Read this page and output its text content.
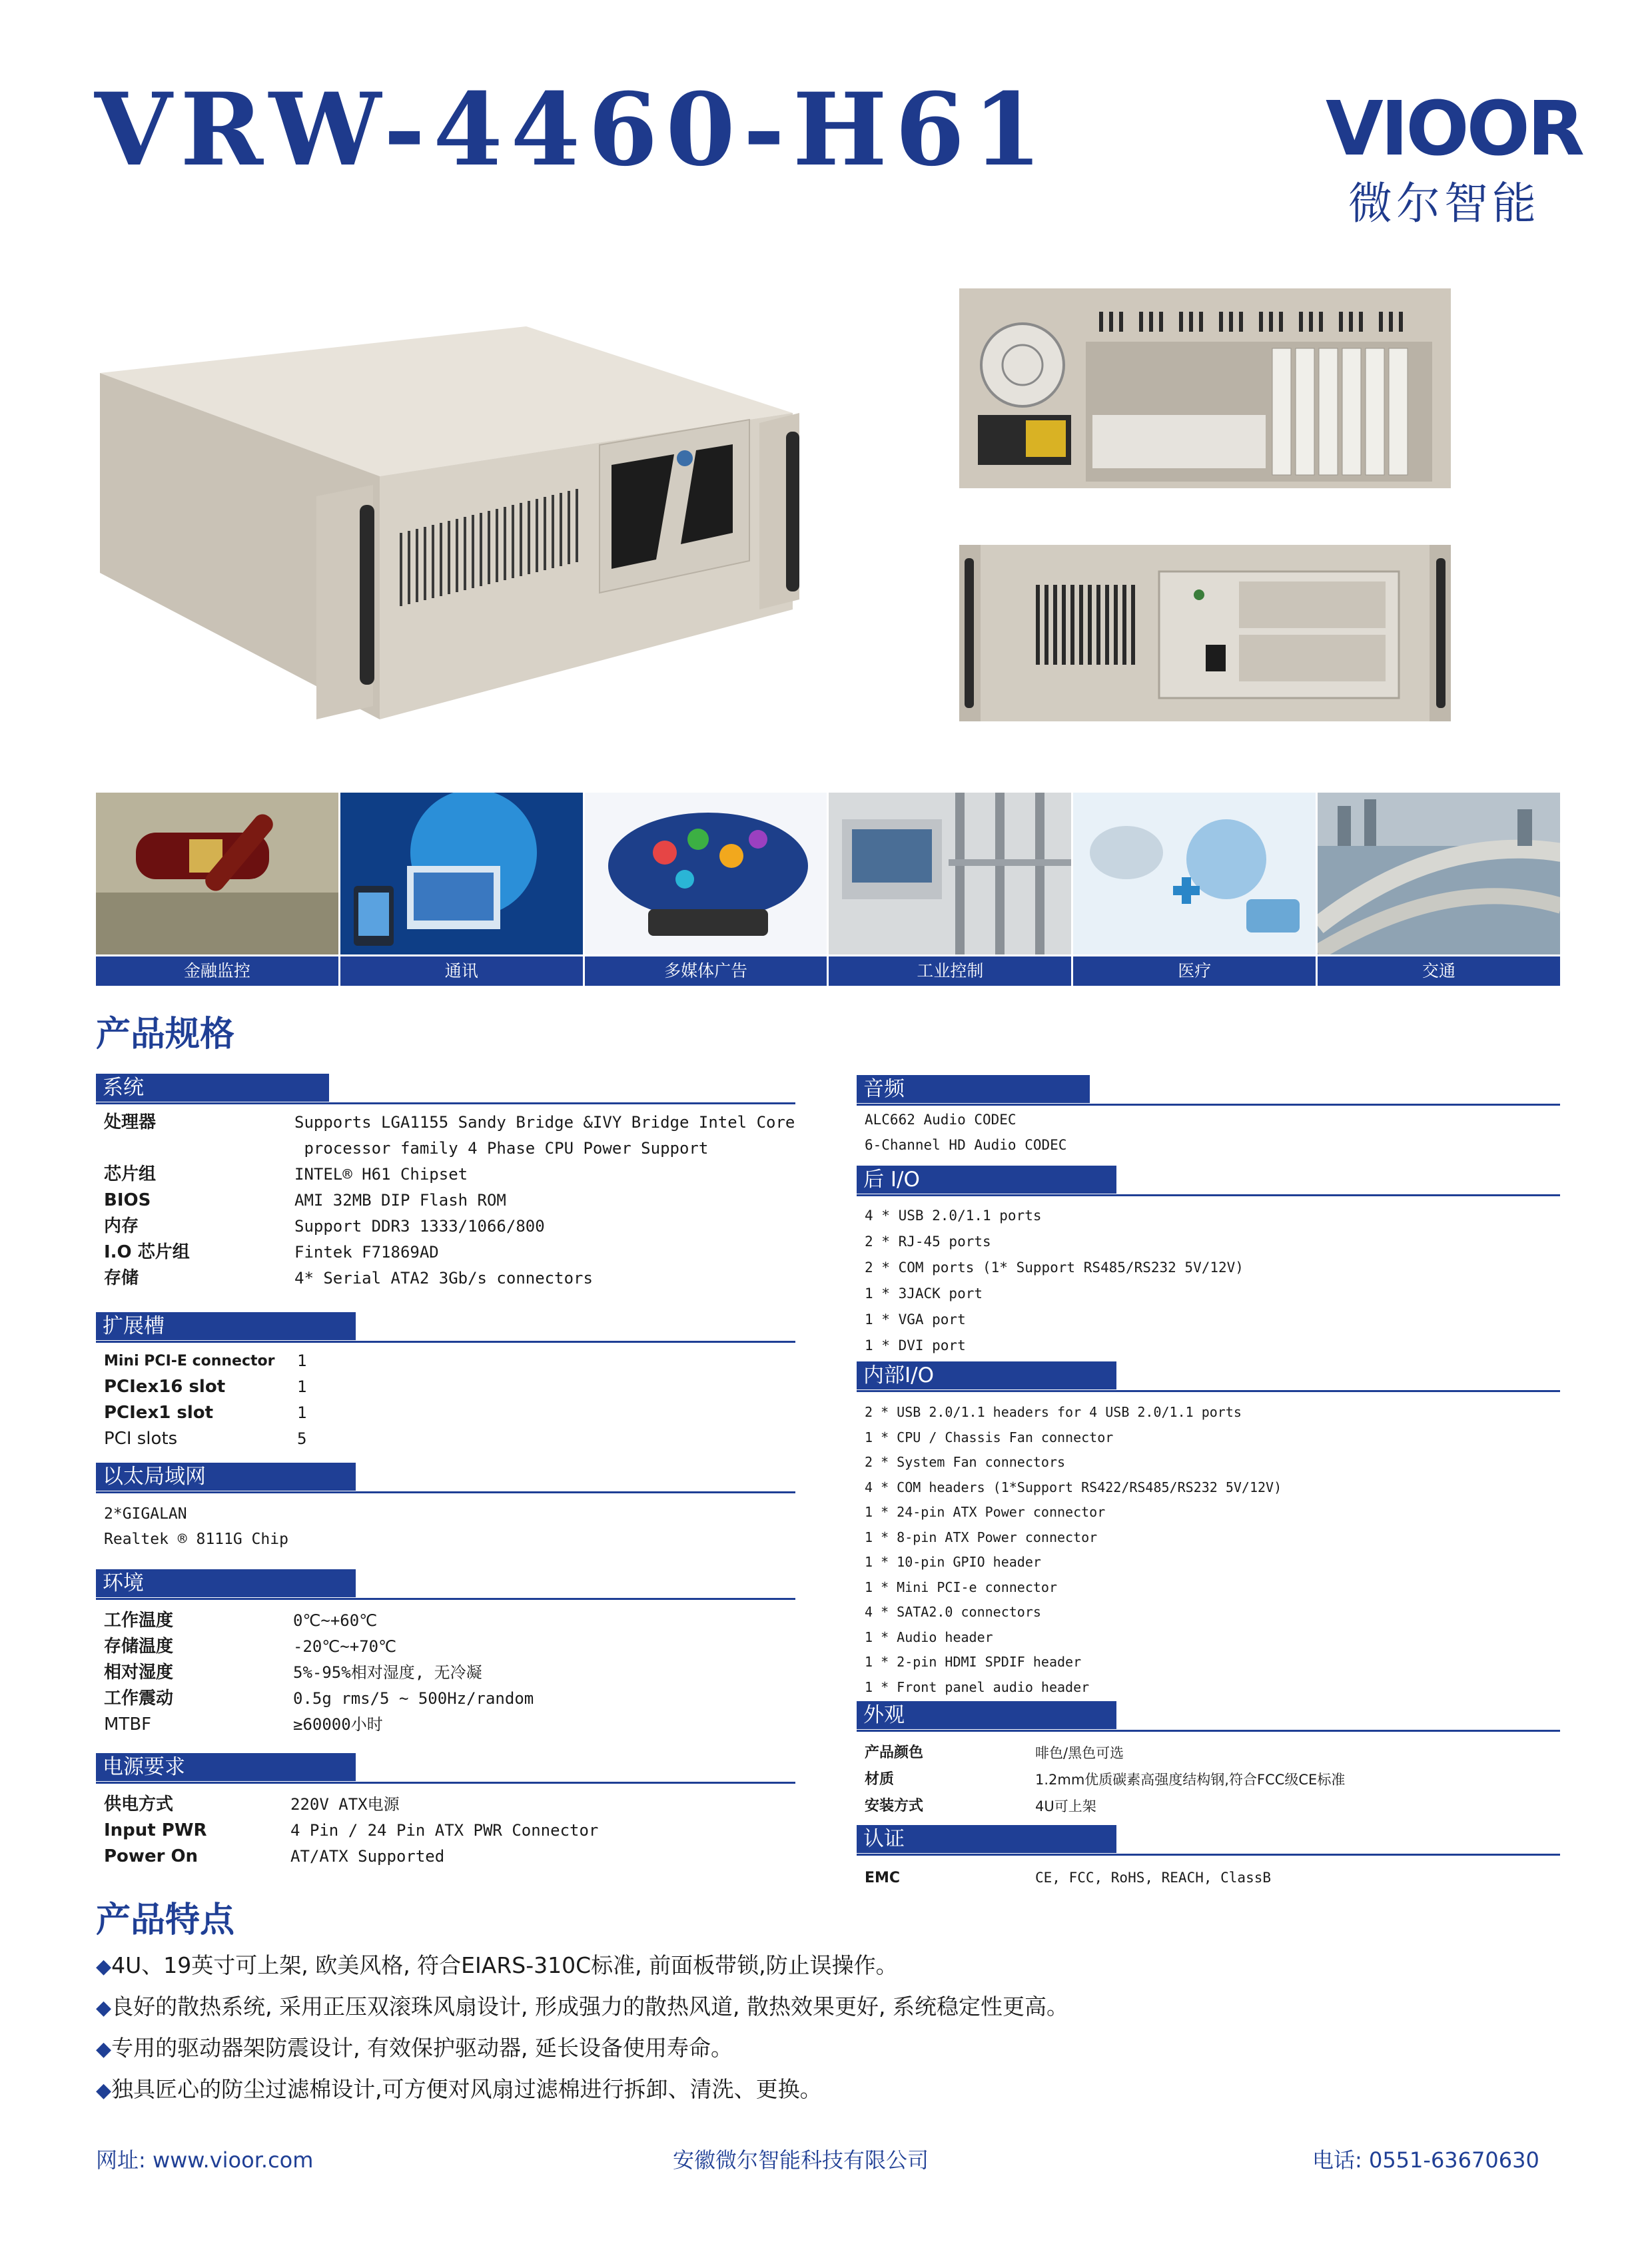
VRW-4460-H61	VIOOR
微尔智能
金融监控	通讯	多媒体广告	工业控制	医疗	交通
产品规格
系统
处理器	Supports LGA1155 Sandy Bridge &IVY Bridge Intel Core
processor family 4 Phase CPU Power Support
芯片组	INTEL® H61 Chipset
BIOS	AMI 32MB DIP Flash ROM
内存	Support DDR3 1333/1066/800
I.O 芯片组	Fintek F71869AD
存储	4* Serial ATA2 3Gb/s connectors
扩展槽
Mini PCI-E connector 1
PCIex16 slot	1
PCIex1 slot	1
PCI slots	5
以太局域网
2*GIGALAN
Realtek ® 8111G Chip
环境
工作温度	0℃~+60℃
存储温度	-20℃~+70℃
相对湿度	5%-95%相对湿度, 无冷凝
工作震动	0.5g rms/5 ~ 500Hz/random
MTBF	≥60000小时
电源要求
供电方式	220V ATX电源
Input PWR	4 Pin / 24 Pin ATX PWR Connector
Power On	AT/ATX Supported
音频
ALC662 Audio CODEC
6-Channel HD Audio CODEC
后 I/O
4 * USB 2.0/1.1 ports
2 * RJ-45 ports
2 * COM ports (1* Support RS485/RS232 5V/12V)
1 * 3JACK port
1 * VGA port
1 * DVI port
内部I/O
2 * USB 2.0/1.1 headers for 4 USB 2.0/1.1 ports
1 * CPU / Chassis Fan connector
2 * System Fan connectors
4 * COM headers (1*Support RS422/RS485/RS232 5V/12V)
1 * 24-pin ATX Power connector
1 * 8-pin ATX Power connector
1 * 10-pin GPIO header
1 * Mini PCI-e connector
4 * SATA2.0 connectors
1 * Audio header
1 * 2-pin HDMI SPDIF header
1 * Front panel audio header
外观
产品颜色	啡色/黑色可选
材质	1.2mm优质碳素高强度结构钢,符合FCC级CE标准
安装方式	4U可上架
认证
EMC	CE, FCC, RoHS, REACH, ClassB
产品特点
◆4U、19英寸可上架, 欧美风格, 符合EIARS-310C标准, 前面板带锁,防止误操作。
◆良好的散热系统, 采用正压双滚珠风扇设计, 形成强力的散热风道, 散热效果更好, 系统稳定性更高。
◆专用的驱动器架防震设计, 有效保护驱动器, 延长设备使用寿命。
◆独具匠心的防尘过滤棉设计,可方便对风扇过滤棉进行拆卸、清洗、更换。
网址: www.vioor.com	安徽微尔智能科技有限公司	电话: 0551-63670630
